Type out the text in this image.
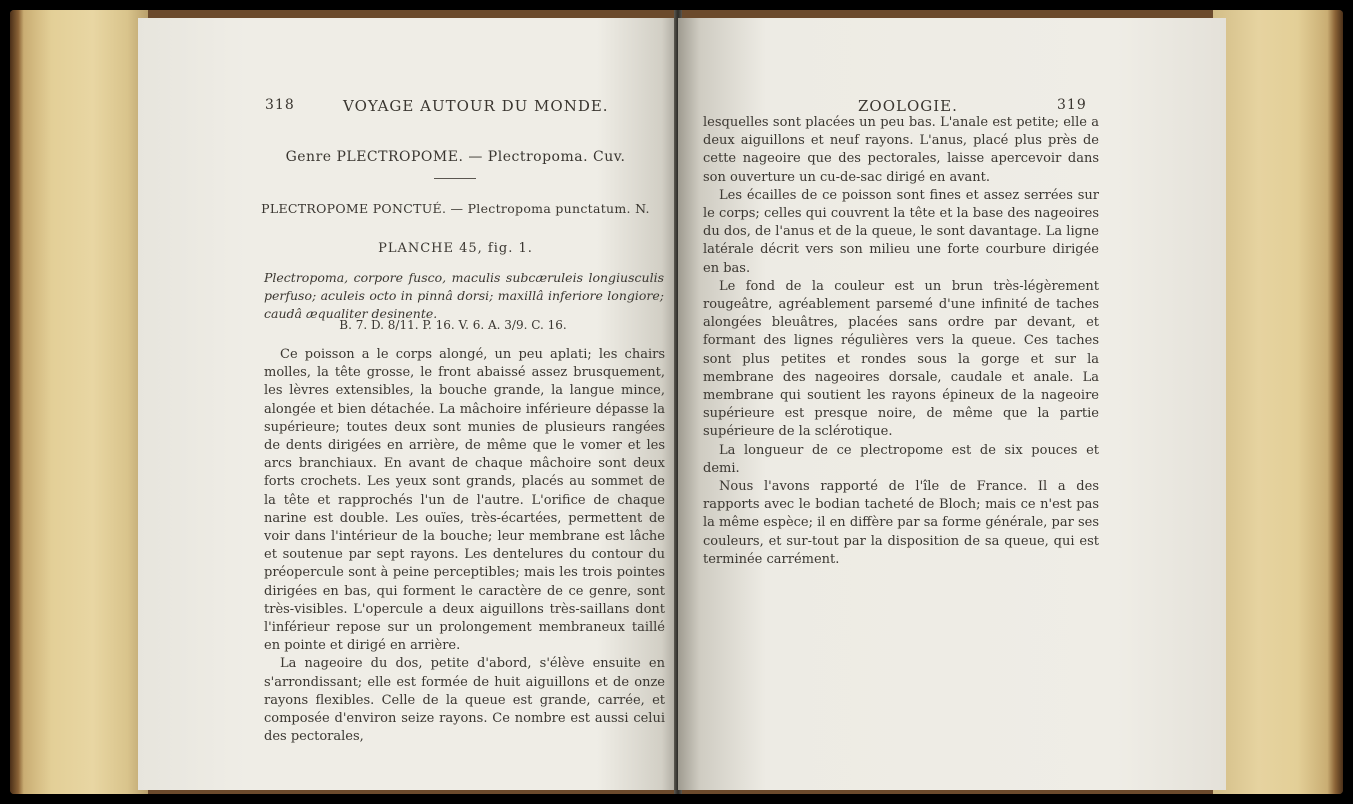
318	VOYAGE AUTOUR DU MONDE.
Genre PLECTROPOME. — Plectropoma. Cuv.
PLECTROPOME PONCTUÉ. — Plectropoma punctatum. N.
PLANCHE 45, fig. 1.
Plectropoma, corpore fusco, maculis subcæruleis longiusculis perfuso; aculeis octo in pinnâ dorsi; maxillâ inferiore longiore; caudâ æqualiter desinente.
B. 7. D. 8/11. P. 16. V. 6. A. 3/9. C. 16.

Ce poisson a le corps alongé, un peu aplati; les chairs molles, la tête grosse, le front abaissé assez brusquement, les lèvres extensibles, la bouche grande, la langue mince, alongée et bien détachée. La mâchoire inférieure dépasse la supérieure; toutes deux sont munies de plusieurs rangées de dents dirigées en arrière, de même que le vomer et les arcs branchiaux. En avant de chaque mâchoire sont deux forts crochets. Les yeux sont grands, placés au sommet de la tête et rapprochés l'un de l'autre. L'orifice de chaque narine est double. Les ouïes, très-écartées, permettent de voir dans l'intérieur de la bouche; leur membrane est lâche et soutenue par sept rayons. Les dentelures du contour du préopercule sont à peine perceptibles; mais les trois pointes dirigées en bas, qui forment le caractère de ce genre, sont très-visibles. L'opercule a deux aiguillons très-saillans dont l'inférieur repose sur un prolongement membraneux taillé en pointe et dirigé en arrière.

La nageoire du dos, petite d'abord, s'élève ensuite en s'arrondissant; elle est formée de huit aiguillons et de onze rayons flexibles. Celle de la queue est grande, carrée, et composée d'environ seize rayons. Ce nombre est aussi celui des pectorales,

ZOOLOGIE.	319

lesquelles sont placées un peu bas. L'anale est petite; elle a deux aiguillons et neuf rayons. L'anus, placé plus près de cette nageoire que des pectorales, laisse apercevoir dans son ouverture un cu-de-sac dirigé en avant.

Les écailles de ce poisson sont fines et assez serrées sur le corps; celles qui couvrent la tête et la base des nageoires du dos, de l'anus et de la queue, le sont davantage. La ligne latérale décrit vers son milieu une forte courbure dirigée en bas.

Le fond de la couleur est un brun très-légèrement rougeâtre, agréablement parsemé d'une infinité de taches alongées bleuâtres, placées sans ordre par devant, et formant des lignes régulières vers la queue. Ces taches sont plus petites et rondes sous la gorge et sur la membrane des nageoires dorsale, caudale et anale. La membrane qui soutient les rayons épineux de la nageoire supérieure est presque noire, de même que la partie supérieure de la sclérotique.

La longueur de ce plectropome est de six pouces et demi.

Nous l'avons rapporté de l'île de France. Il a des rapports avec le bodian tacheté de Bloch; mais ce n'est pas la même espèce; il en diffère par sa forme générale, par ses couleurs, et sur-tout par la disposition de sa queue, qui est terminée carrément.
